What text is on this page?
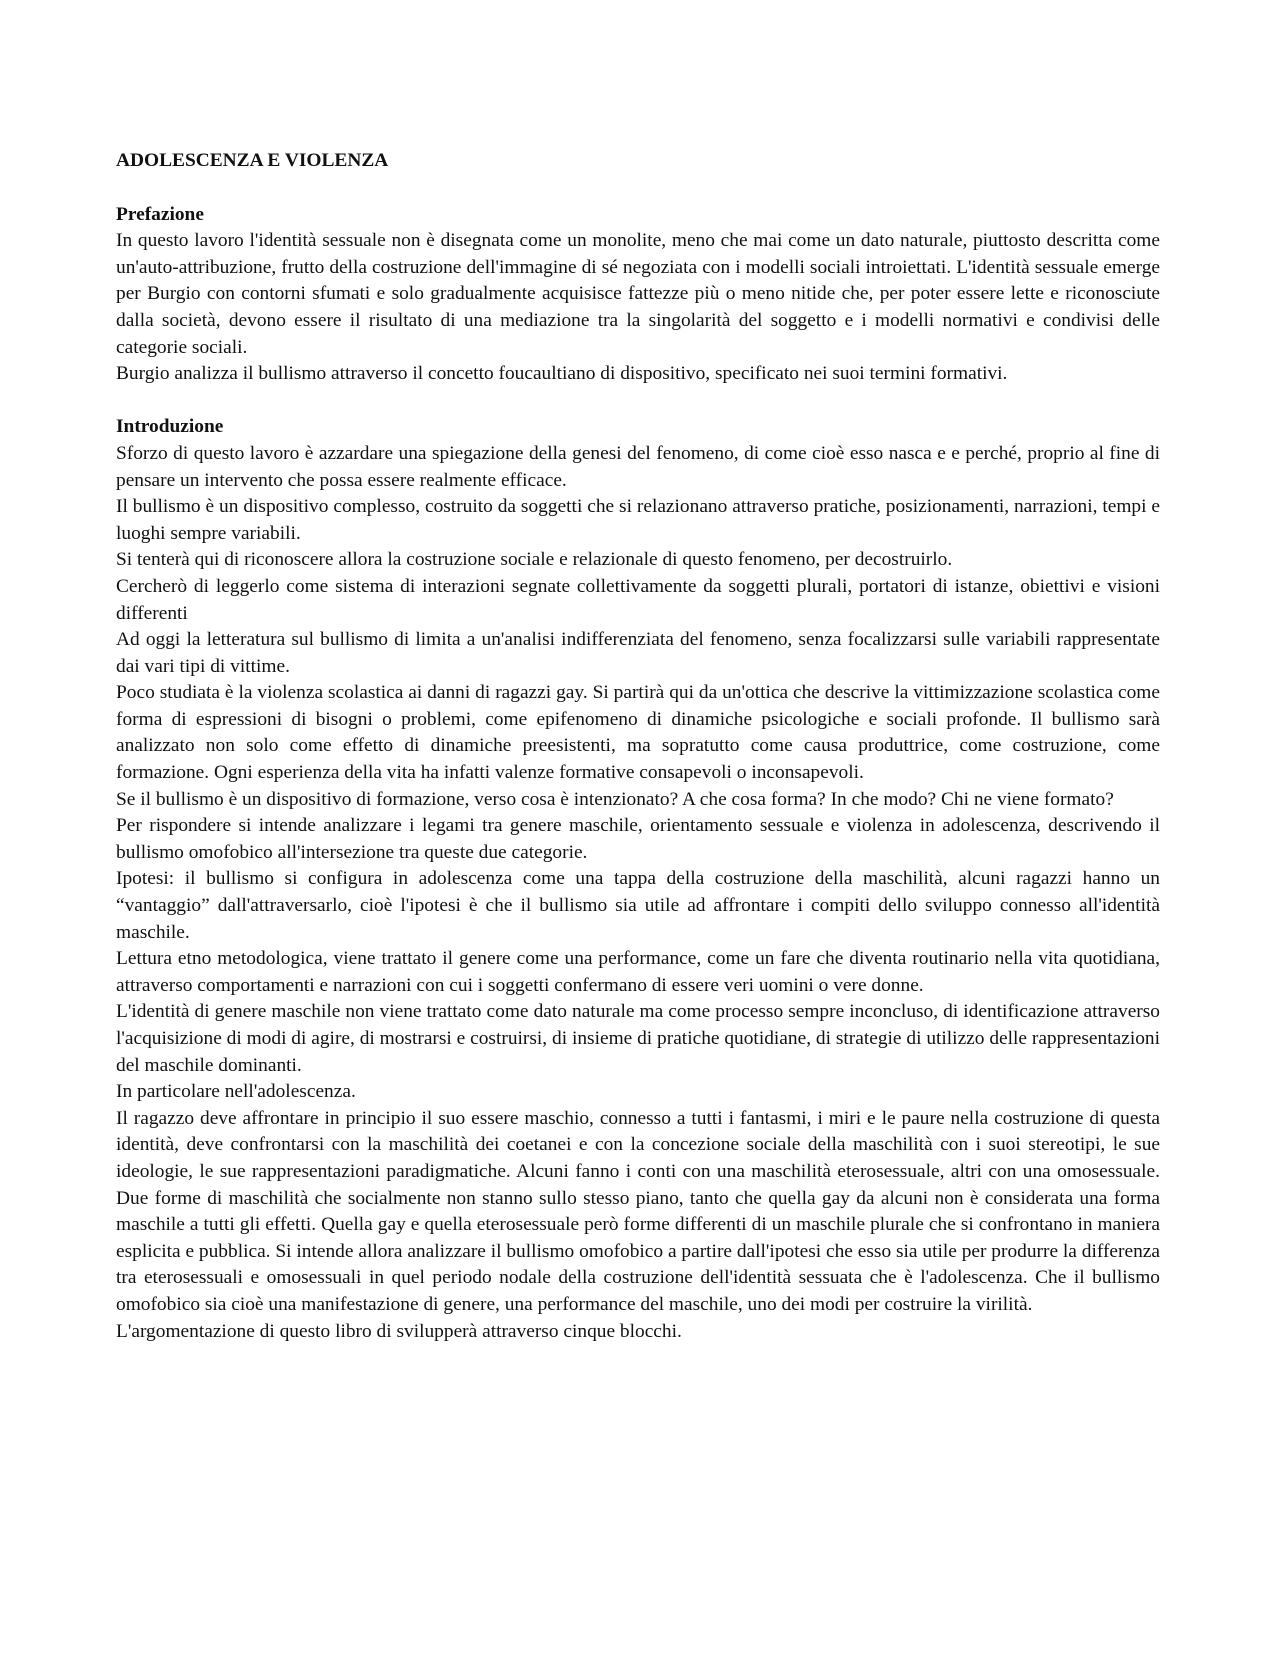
ADOLESCENZA E VIOLENZA
Prefazione

In questo lavoro l'identità sessuale non è disegnata come un monolite, meno che mai come un dato naturale, piuttosto descritta come un'auto-attribuzione, frutto della costruzione dell'immagine di sé negoziata con i modelli sociali introiettati. L'identità sessuale emerge per Burgio con contorni sfumati e solo gradualmente acquisisce fattezze più o meno nitide che, per poter essere lette e riconosciute dalla società, devono essere il risultato di una mediazione tra la singolarità del soggetto e i modelli normativi e condivisi delle categorie sociali.

Burgio analizza il bullismo attraverso il concetto foucaultiano di dispositivo, specificato nei suoi termini formativi.

Introduzione

Sforzo di questo lavoro è azzardare una spiegazione della genesi del fenomeno, di come cioè esso nasca e e perché, proprio al fine di pensare un intervento che possa essere realmente efficace.

Il bullismo è un dispositivo complesso, costruito da soggetti che si relazionano attraverso pratiche, posizionamenti, narrazioni, tempi e luoghi sempre variabili.

Si tenterà qui di riconoscere allora la costruzione sociale e relazionale di questo fenomeno, per decostruirlo.

Cercherò di leggerlo come sistema di interazioni segnate collettivamente da soggetti plurali, portatori di istanze, obiettivi e visioni differenti

Ad oggi la letteratura sul bullismo di limita a un'analisi indifferenziata del fenomeno, senza focalizzarsi sulle variabili rappresentate dai vari tipi di vittime.

Poco studiata è la violenza scolastica ai danni di ragazzi gay. Si partirà qui da un'ottica che descrive la vittimizzazione scolastica come forma di espressioni di bisogni o problemi, come epifenomeno di dinamiche psicologiche e sociali profonde. Il bullismo sarà analizzato non solo come effetto di dinamiche preesistenti, ma sopratutto come causa produttrice, come costruzione, come formazione. Ogni esperienza della vita ha infatti valenze formative consapevoli o inconsapevoli.

Se il bullismo è un dispositivo di formazione, verso cosa è intenzionato? A che cosa forma? In che modo? Chi ne viene formato?

Per rispondere si intende analizzare i legami tra genere maschile, orientamento sessuale e violenza in adolescenza, descrivendo il bullismo omofobico all'intersezione tra queste due categorie.

Ipotesi: il bullismo si configura in adolescenza come una tappa della costruzione della maschilità, alcuni ragazzi hanno un “vantaggio” dall'attraversarlo, cioè l'ipotesi è che il bullismo sia utile ad affrontare i compiti dello sviluppo connesso all'identità maschile.

Lettura etno metodologica, viene trattato il genere come una performance, come un fare che diventa routinario nella vita quotidiana, attraverso comportamenti e narrazioni con cui i soggetti confermano di essere veri uomini o vere donne.

L'identità di genere maschile non viene trattato come dato naturale ma come processo sempre inconcluso, di identificazione attraverso l'acquisizione di modi di agire, di mostrarsi e costruirsi, di insieme di pratiche quotidiane, di strategie di utilizzo delle rappresentazioni del maschile dominanti.

In particolare nell'adolescenza.

Il ragazzo deve affrontare in principio il suo essere maschio, connesso a tutti i fantasmi, i miri e le paure nella costruzione di questa identità, deve confrontarsi con la maschilità dei coetanei e con la concezione sociale della maschilità con i suoi stereotipi, le sue ideologie, le sue rappresentazioni paradigmatiche. Alcuni fanno i conti con una maschilità eterosessuale, altri con una omosessuale. Due forme di maschilità che socialmente non stanno sullo stesso piano, tanto che quella gay da alcuni non è considerata una forma maschile a tutti gli effetti. Quella gay e quella eterosessuale però forme differenti di un maschile plurale che si confrontano in maniera esplicita e pubblica. Si intende allora analizzare il bullismo omofobico a partire dall'ipotesi che esso sia utile per produrre la differenza tra eterosessuali e omosessuali in quel periodo nodale della costruzione dell'identità sessuata che è l'adolescenza. Che il bullismo omofobico sia cioè una manifestazione di genere, una performance del maschile, uno dei modi per costruire la virilità.

L'argomentazione di questo libro di svilupperà attraverso cinque blocchi.
